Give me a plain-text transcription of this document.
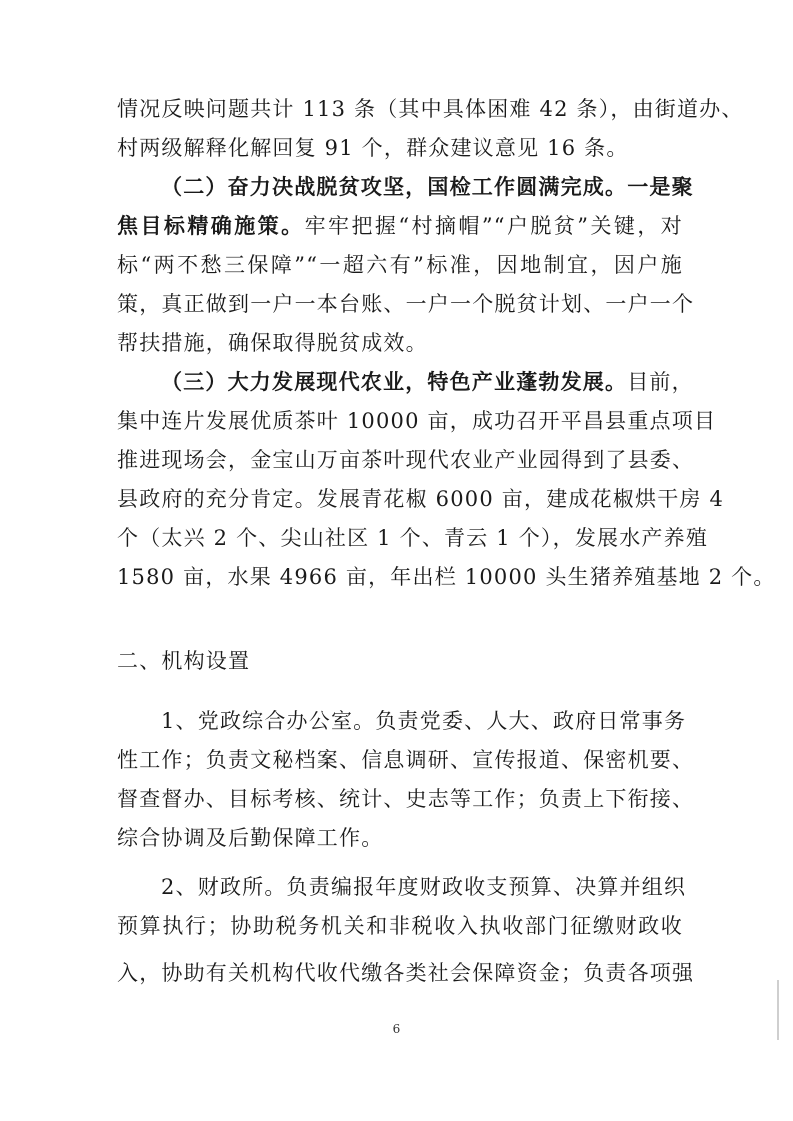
情况反映问题共计 113 条（其中具体困难 42 条），由街道办、
村两级解释化解回复 91 个，群众建议意见 16 条。
（二）奋力决战脱贫攻坚，国检工作圆满完成。一是聚
焦目标精确施策。牢牢把握“村摘帽”“户脱贫”关键，对
标“两不愁三保障”“一超六有”标准，因地制宜，因户施
策，真正做到一户一本台账、一户一个脱贫计划、一户一个
帮扶措施，确保取得脱贫成效。
（三）大力发展现代农业，特色产业蓬勃发展。目前，
集中连片发展优质茶叶 10000 亩，成功召开平昌县重点项目
推进现场会，金宝山万亩茶叶现代农业产业园得到了县委、
县政府的充分肯定。发展青花椒 6000 亩，建成花椒烘干房 4
个（太兴 2 个、尖山社区 1 个、青云 1 个），发展水产养殖
1580 亩，水果 4966 亩，年出栏 10000 头生猪养殖基地 2 个。
二、机构设置
1、党政综合办公室。负责党委、人大、政府日常事务
性工作；负责文秘档案、信息调研、宣传报道、保密机要、
督查督办、目标考核、统计、史志等工作；负责上下衔接、
综合协调及后勤保障工作。
2、财政所。负责编报年度财政收支预算、决算并组织
预算执行；协助税务机关和非税收入执收部门征缴财政收
入，协助有关机构代收代缴各类社会保障资金；负责各项强
6
